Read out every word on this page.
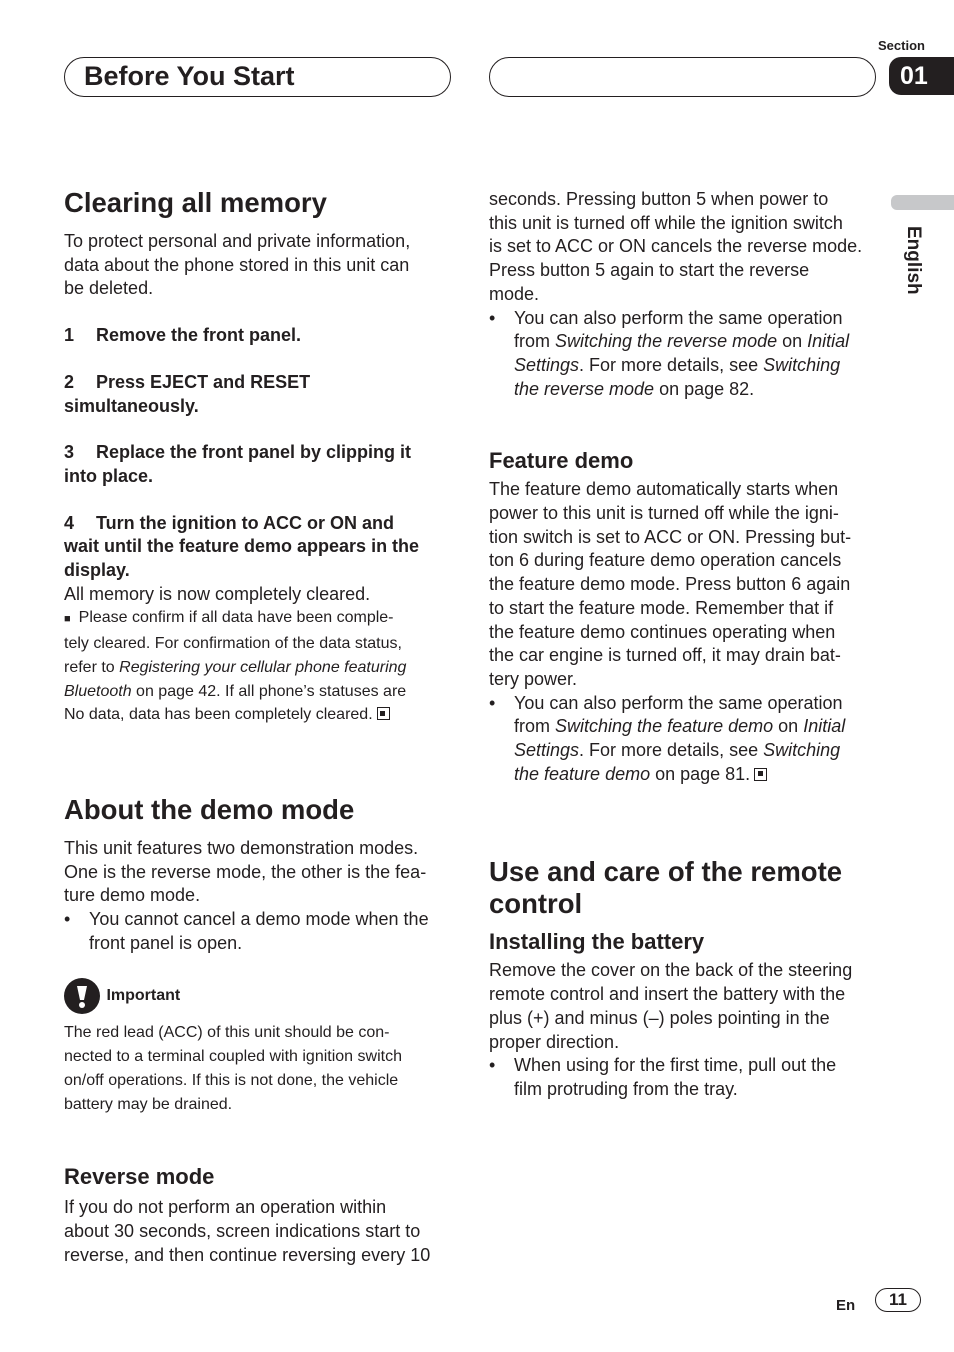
Before You Start
Section
01
English
Clearing all memory

To protect personal and private information,

data about the phone stored in this unit can

be deleted.

1 Remove the front panel.

2 Press EJECT and RESET simultaneously.

3 Replace the front panel by clipping it

into place.

4 Turn the ignition to ACC or ON and

wait until the feature demo appears in the

display.

All memory is now completely cleared.

■ Please confirm if all data have been comple-

tely cleared. For confirmation of the data status,

refer to Registering your cellular phone featuring

Bluetooth on page 42. If all phone’s statuses are

No data, data has been completely cleared.

About the demo mode

This unit features two demonstration modes.

One is the reverse mode, the other is the fea-

ture demo mode.

• You cannot cancel a demo mode when the
front panel is open.
Important

The red lead (ACC) of this unit should be con-

nected to a terminal coupled with ignition switch

on/off operations. If this is not done, the vehicle

battery may be drained.

Reverse mode

If you do not perform an operation within

about 30 seconds, screen indications start to

reverse, and then continue reversing every 10

seconds. Pressing button 5 when power to

this unit is turned off while the ignition switch

is set to ACC or ON cancels the reverse mode.

Press button 5 again to start the reverse

mode.

• You can also perform the same operation
from Switching the reverse mode on Initial
Settings. For more details, see Switching
the reverse mode on page 82.
Feature demo

The feature demo automatically starts when

power to this unit is turned off while the igni-

tion switch is set to ACC or ON. Pressing but-

ton 6 during feature demo operation cancels

the feature demo mode. Press button 6 again

to start the feature mode. Remember that if

the feature demo continues operating when

the car engine is turned off, it may drain bat-

tery power.

• You can also perform the same operation
from Switching the feature demo on Initial
Settings. For more details, see Switching
the feature demo on page 81.
Use and care of the remote
control
Installing the battery

Remove the cover on the back of the steering

remote control and insert the battery with the

plus (+) and minus (–) poles pointing in the

proper direction.

• When using for the first time, pull out the
film protruding from the tray.
En	11
